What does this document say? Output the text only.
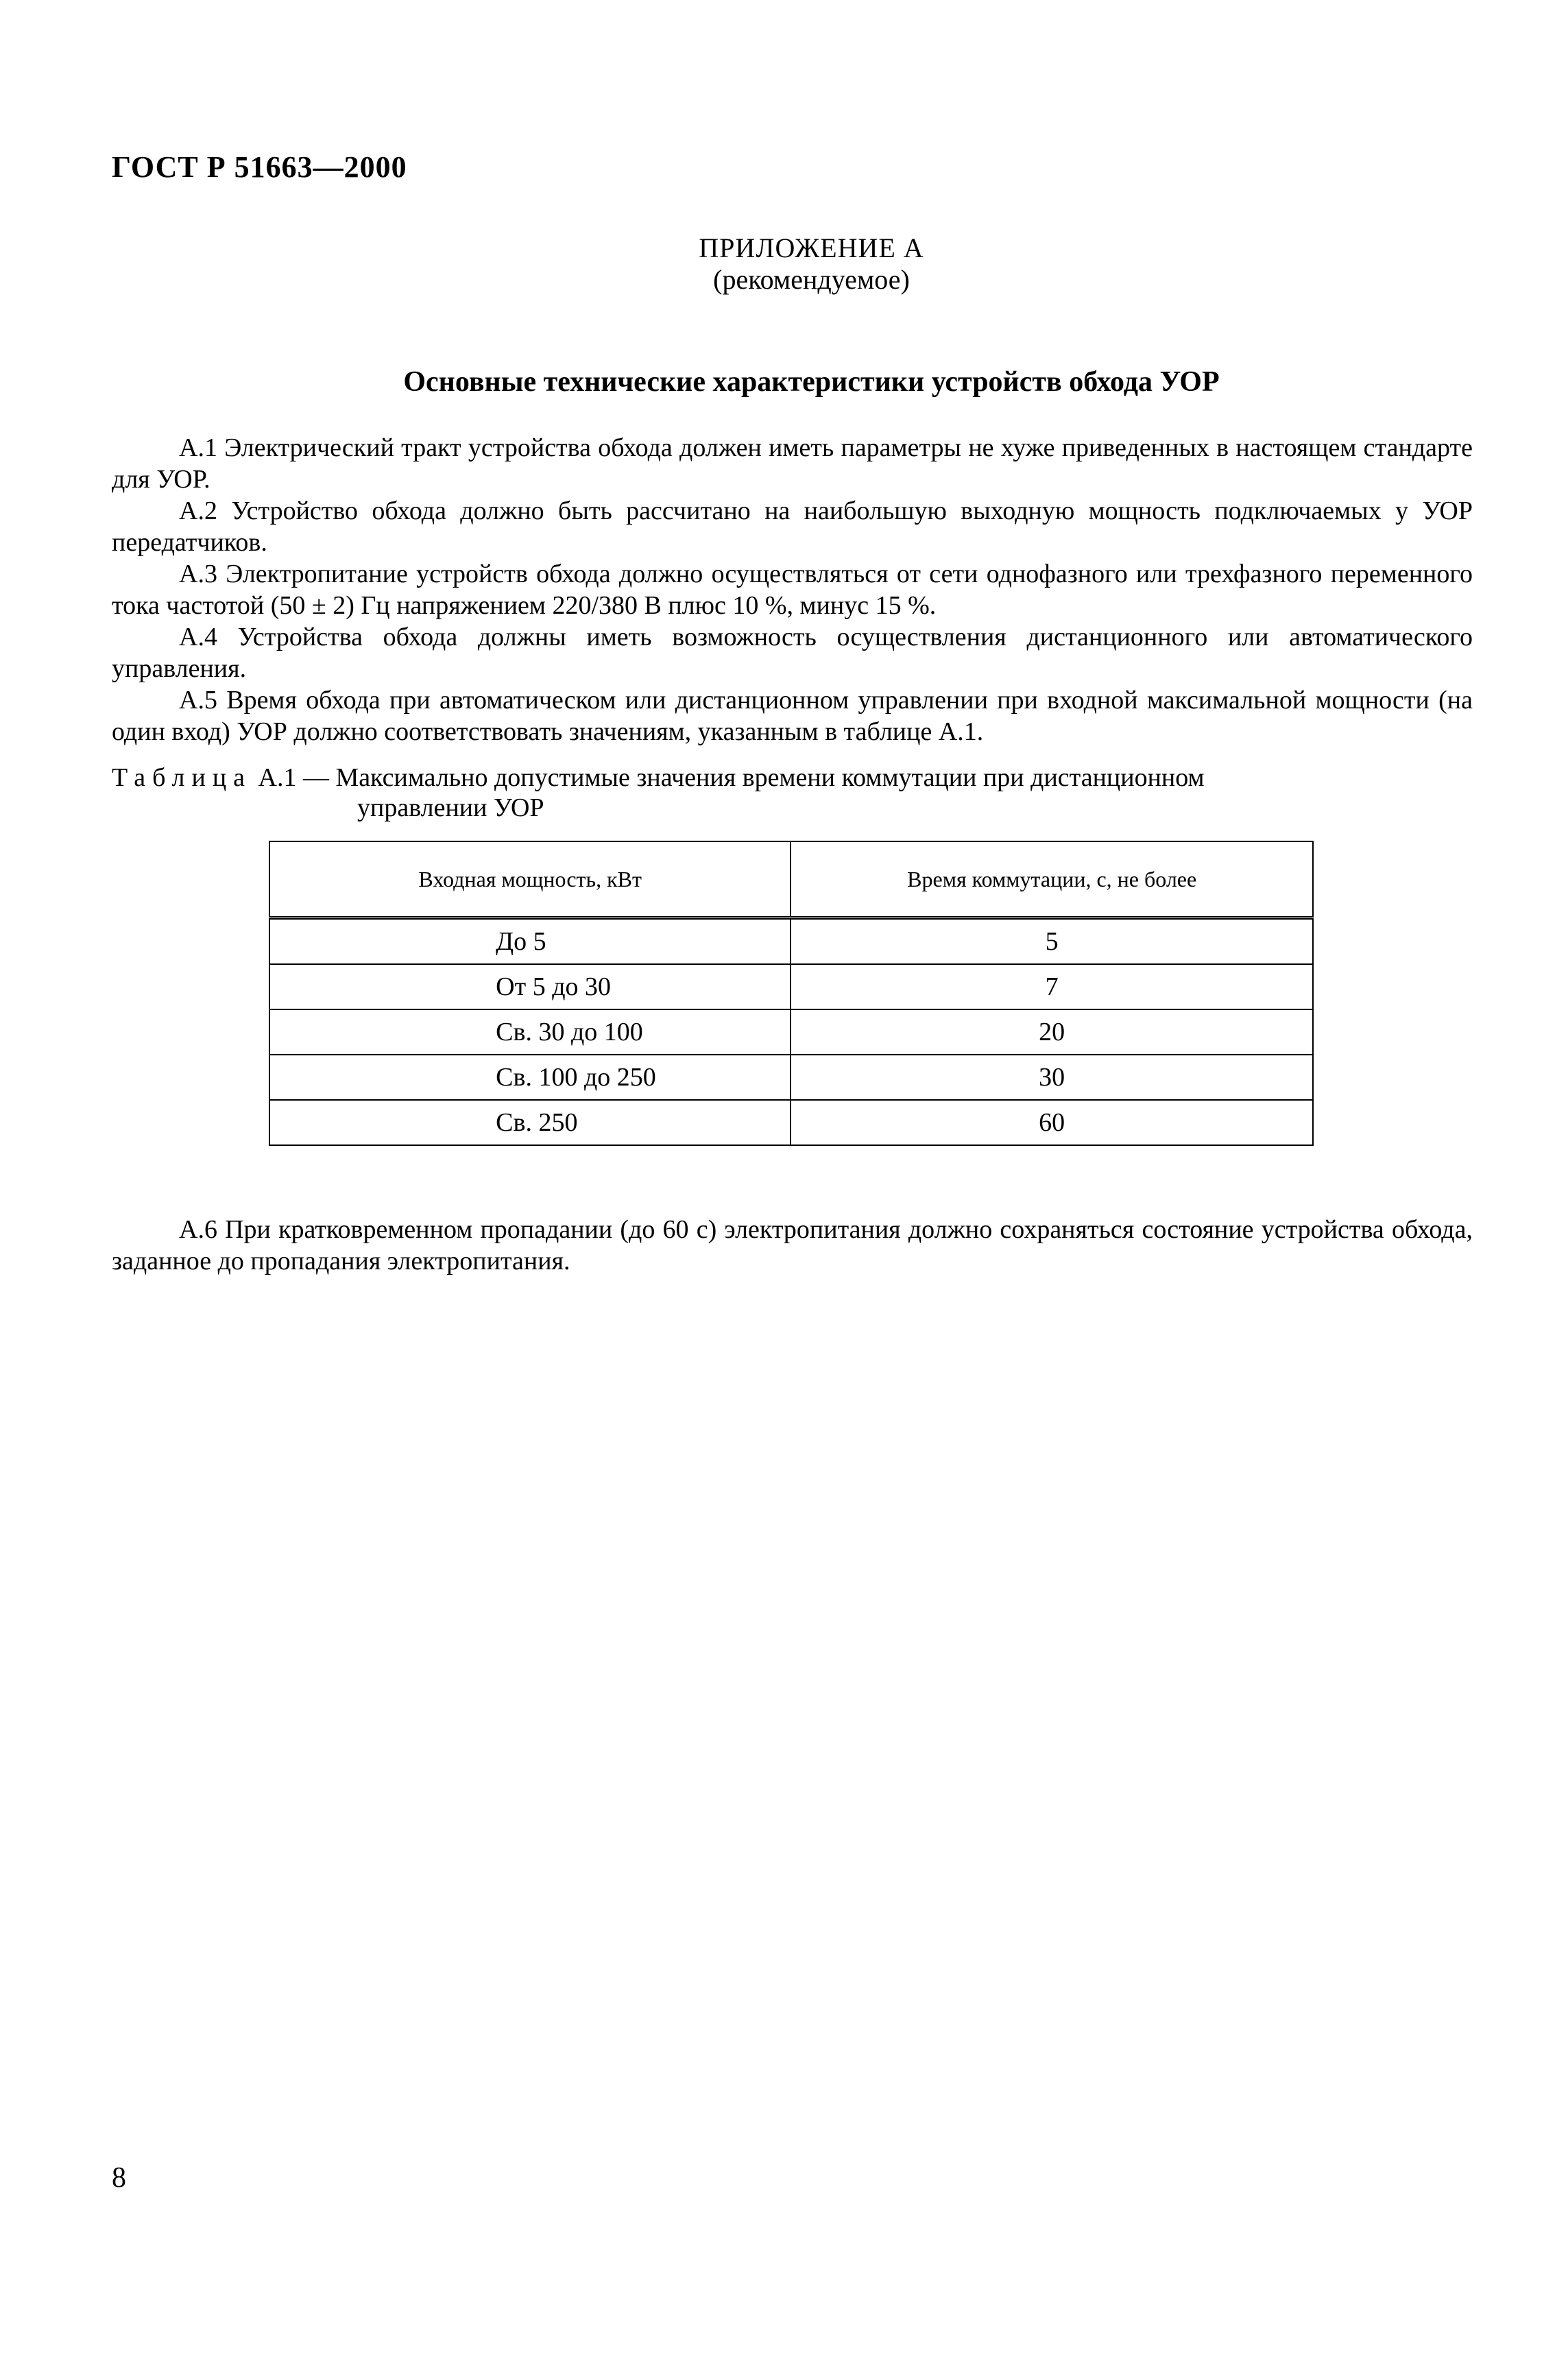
ГОСТ Р 51663—2000
ПРИЛОЖЕНИЕ А
(рекомендуемое)
Основные технические характеристики устройств обхода УОР

А.1 Электрический тракт устройства обхода должен иметь параметры не хуже приведенных в настоящем стандарте для УОР.

А.2 Устройство обхода должно быть рассчитано на наибольшую выходную мощность подключаемых у УОР передатчиков.

А.3 Электропитание устройств обхода должно осуществляться от сети однофазного или трехфазного переменного тока частотой (50 ± 2) Гц напряжением 220/380 В плюс 10 %, минус 15 %.

А.4 Устройства обхода должны иметь возможность осуществления дистанционного или автоматического управления.

А.5 Время обхода при автоматическом или дистанционном управлении при входной максимальной мощности (на один вход) УОР должно соответствовать значениям, указанным в таблице А.1.

Таблица А.1 — Максимально допустимые значения времени коммутации при дистанционном
управлении УОР
Входная мощность, кВт	Время коммутации, с, не более
До 5	5
От 5 до 30	7
Св. 30 до 100	20
Св. 100 до 250	30
Св. 250	60

А.6 При кратковременном пропадании (до 60 с) электропитания должно сохраняться состояние устройства обхода, заданное до пропадания электропитания.

8
